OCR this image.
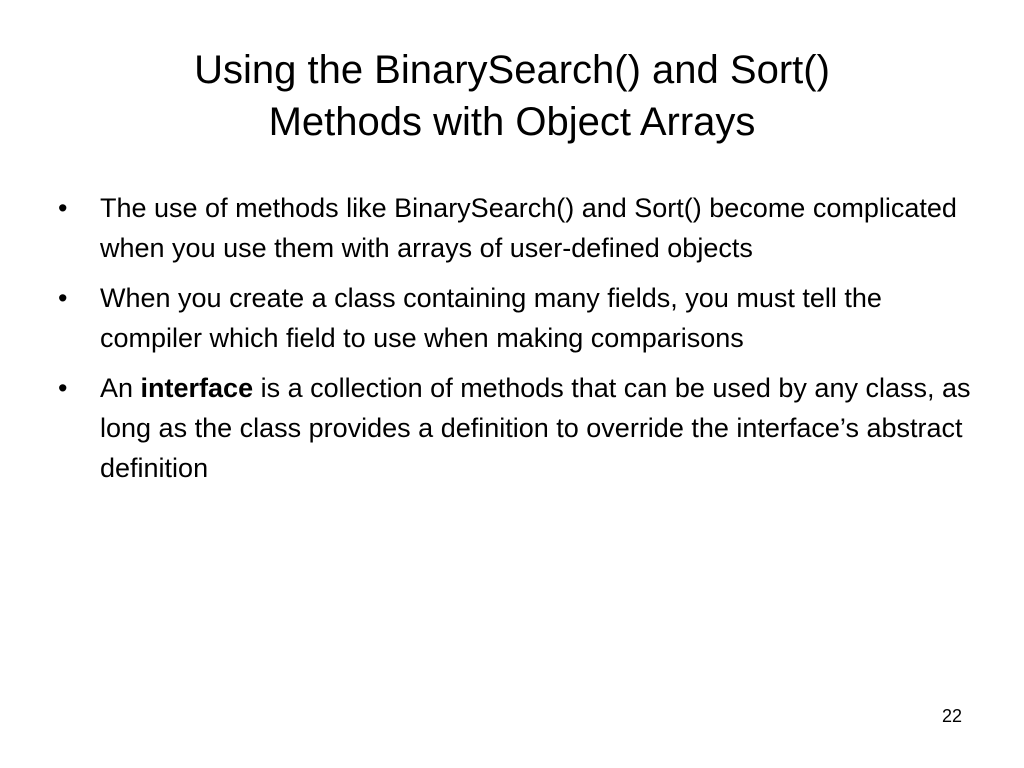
Using the BinarySearch() and Sort()
Methods with Object Arrays
•	The use of methods like BinarySearch() and Sort() become complicated when you use them with arrays of user-defined objects
•	When you create a class containing many fields, you must tell the compiler which field to use when making comparisons
•	An interface is a collection of methods that can be used by any class, as long as the class provides a definition to override the interface’s abstract definition
22
